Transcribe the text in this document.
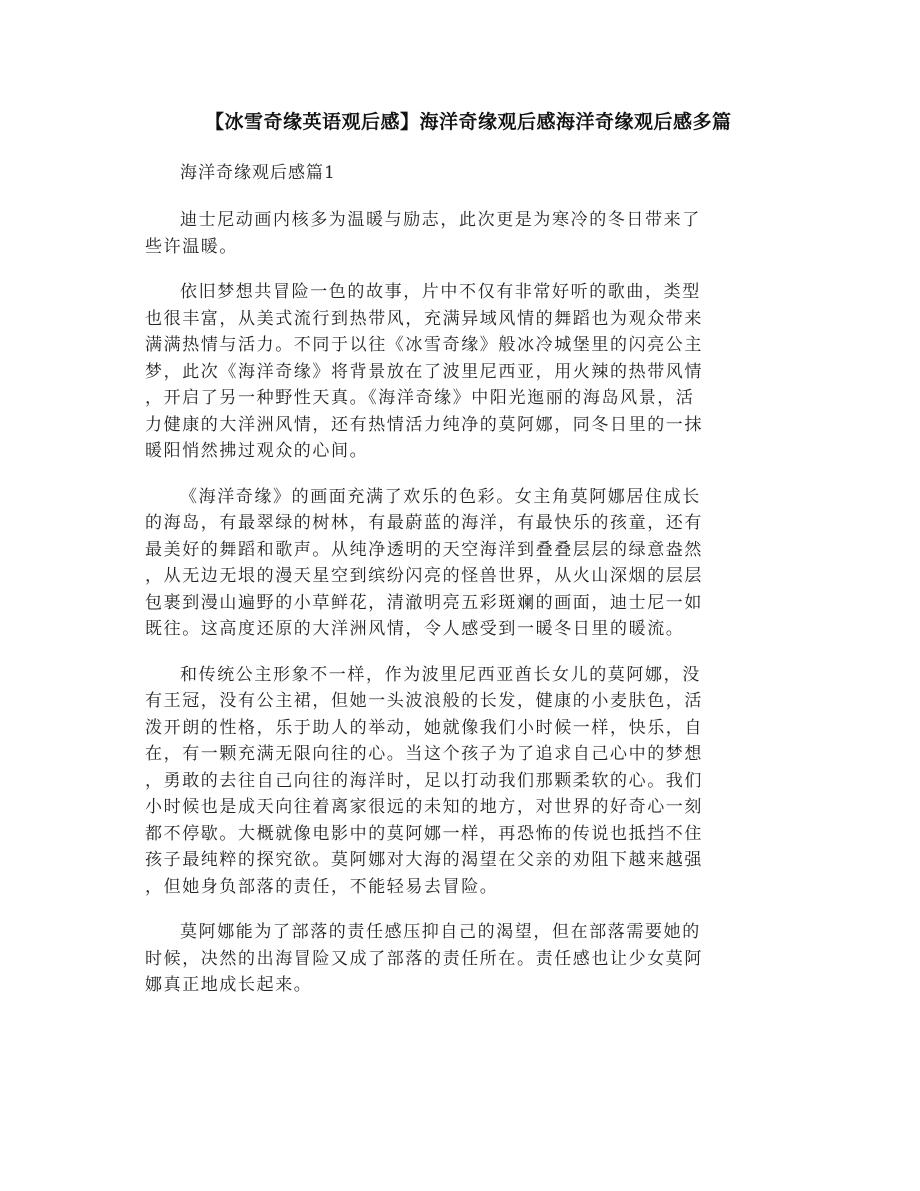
【冰雪奇缘英语观后感】海洋奇缘观后感海洋奇缘观后感多篇
海洋奇缘观后感篇1
迪士尼动画内核多为温暖与励志，此次更是为寒冷的冬日带来了
些许温暖。
依旧梦想共冒险一色的故事，片中不仅有非常好听的歌曲，类型
也很丰富，从美式流行到热带风，充满异域风情的舞蹈也为观众带来
满满热情与活力。不同于以往《冰雪奇缘》般冰冷城堡里的闪亮公主
梦，此次《海洋奇缘》将背景放在了波里尼西亚，用火辣的热带风情
，开启了另一种野性天真。《海洋奇缘》中阳光迤丽的海岛风景，活
力健康的大洋洲风情，还有热情活力纯净的莫阿娜，同冬日里的一抹
暖阳悄然拂过观众的心间。
《海洋奇缘》的画面充满了欢乐的色彩。女主角莫阿娜居住成长
的海岛，有最翠绿的树林，有最蔚蓝的海洋，有最快乐的孩童，还有
最美好的舞蹈和歌声。从纯净透明的天空海洋到叠叠层层的绿意盎然
，从无边无垠的漫天星空到缤纷闪亮的怪兽世界，从火山深烟的层层
包裹到漫山遍野的小草鲜花，清澈明亮五彩斑斓的画面，迪士尼一如
既往。这高度还原的大洋洲风情，令人感受到一暖冬日里的暖流。
和传统公主形象不一样，作为波里尼西亚酋长女儿的莫阿娜，没
有王冠，没有公主裙，但她一头波浪般的长发，健康的小麦肤色，活
泼开朗的性格，乐于助人的举动，她就像我们小时候一样，快乐，自
在，有一颗充满无限向往的心。当这个孩子为了追求自己心中的梦想
，勇敢的去往自己向往的海洋时，足以打动我们那颗柔软的心。我们
小时候也是成天向往着离家很远的未知的地方，对世界的好奇心一刻
都不停歇。大概就像电影中的莫阿娜一样，再恐怖的传说也抵挡不住
孩子最纯粹的探究欲。莫阿娜对大海的渴望在父亲的劝阻下越来越强
，但她身负部落的责任，不能轻易去冒险。
莫阿娜能为了部落的责任感压抑自己的渴望，但在部落需要她的
时候，决然的出海冒险又成了部落的责任所在。责任感也让少女莫阿
娜真正地成长起来。
